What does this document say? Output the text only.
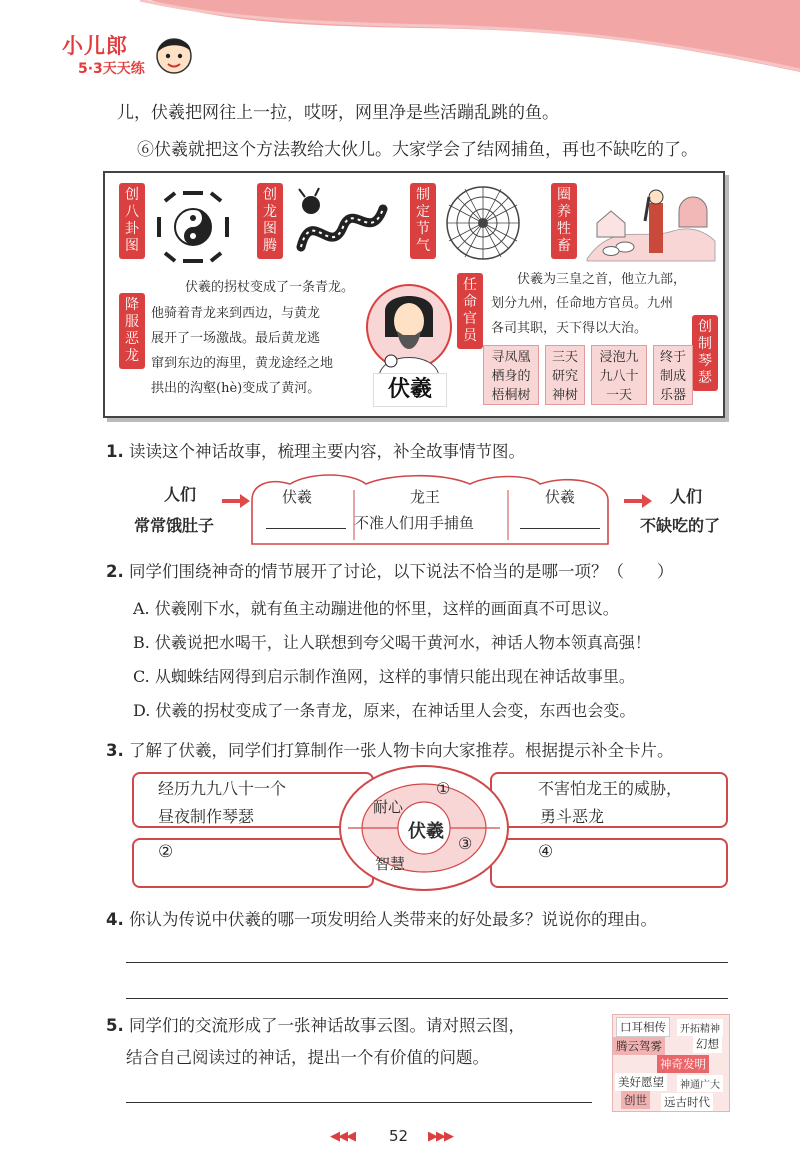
小儿郎
5·3天天练
儿，伏羲把网往上一拉，哎呀，网里净是些活蹦乱跳的鱼。
⑥伏羲就把这个方法教给大伙儿。大家学会了结网捕鱼，再也不缺吃的了。
创八卦图
创龙图腾
制定节气
圈养牲畜
降服恶龙
任命官员
创制琴瑟
伏羲的拐杖变成了一条青龙。
他骑着青龙来到西边，与黄龙
展开了一场激战。最后黄龙逃
窜到东边的海里，黄龙途经之地
拱出的沟壑(hè)变成了黄河。	伏羲
伏羲为三皇之首，他立九部，
划分九州，任命地方官员。九州
各司其职，天下得以大治。
寻凤凰
栖身的
梧桐树
三天
研究
神树
浸泡九
九八十
一天
终于
制成
乐器
1. 读读这个神话故事，梳理主要内容，补全故事情节图。
人们
常常饿肚子
伏羲	龙王
不准人们用手捕鱼
伏羲	人们
不缺吃的了
2. 同学们围绕神奇的情节展开了讨论，以下说法不恰当的是哪一项？（　　）
A. 伏羲刚下水，就有鱼主动蹦进他的怀里，这样的画面真不可思议。
B. 伏羲说把水喝干，让人联想到夸父喝干黄河水，神话人物本领真高强！
C. 从蜘蛛结网得到启示制作渔网，这样的事情只能出现在神话故事里。
D. 伏羲的拐杖变成了一条青龙，原来，在神话里人会变，东西也会变。
3. 了解了伏羲，同学们打算制作一张人物卡向大家推荐。根据提示补全卡片。
经历九九八十一个
昼夜制作琴瑟
不害怕龙王的威胁，
勇斗恶龙
②	④
耐心
①
伏羲
③
智慧
4. 你认为传说中伏羲的哪一项发明给人类带来的好处最多？说说你的理由。
5. 同学们的交流形成了一张神话故事云图。请对照云图，
结合自己阅读过的神话，提出一个有价值的问题。
口耳相传	开拓精神
腾云驾雾	幻想
神奇发明
美好愿望	神通广大
创世 远古时代
◀◀◀ 52 ▶▶▶
